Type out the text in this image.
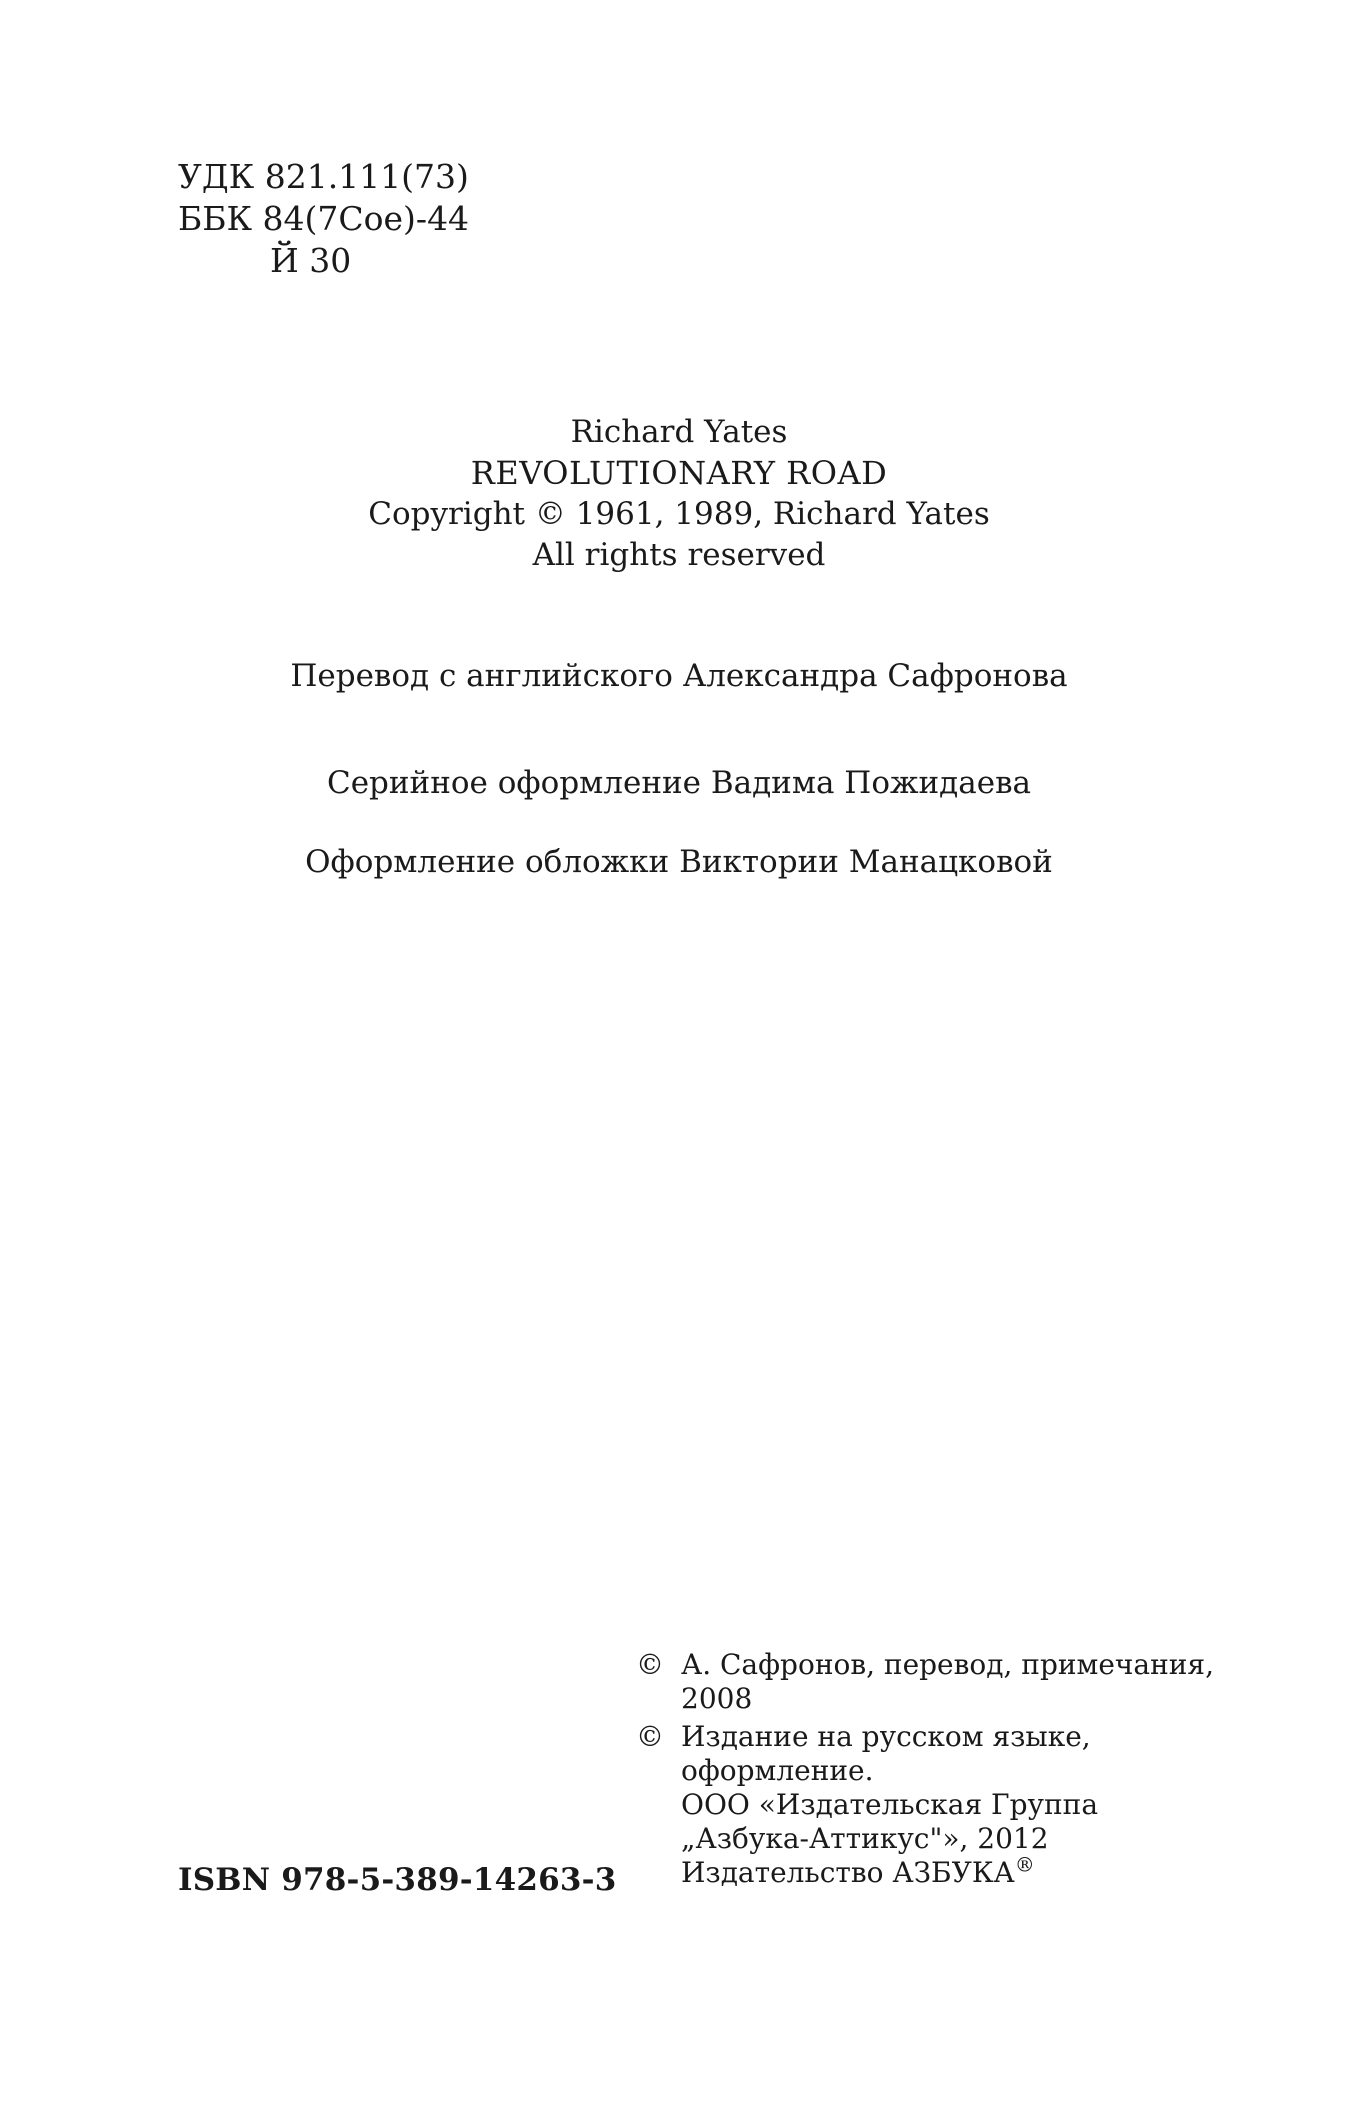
УДК 821.111(73)
ББК 84(7Сое)-44
Й 30
Richard Yates
REVOLUTIONARY ROAD
Copyright © 1961, 1989, Richard Yates
All rights reserved
Перевод с английского Александра Сафронова
Серийное оформление Вадима Пожидаева
Оформление обложки Виктории Манацковой
© А. Сафронов, перевод, примечания,
2008
© Издание на русском языке,
оформление.
ООО «Издательская Группа
„Азбука-Аттикус"», 2012
Издательство АЗБУКА®
ISBN 978-5-389-14263-3
